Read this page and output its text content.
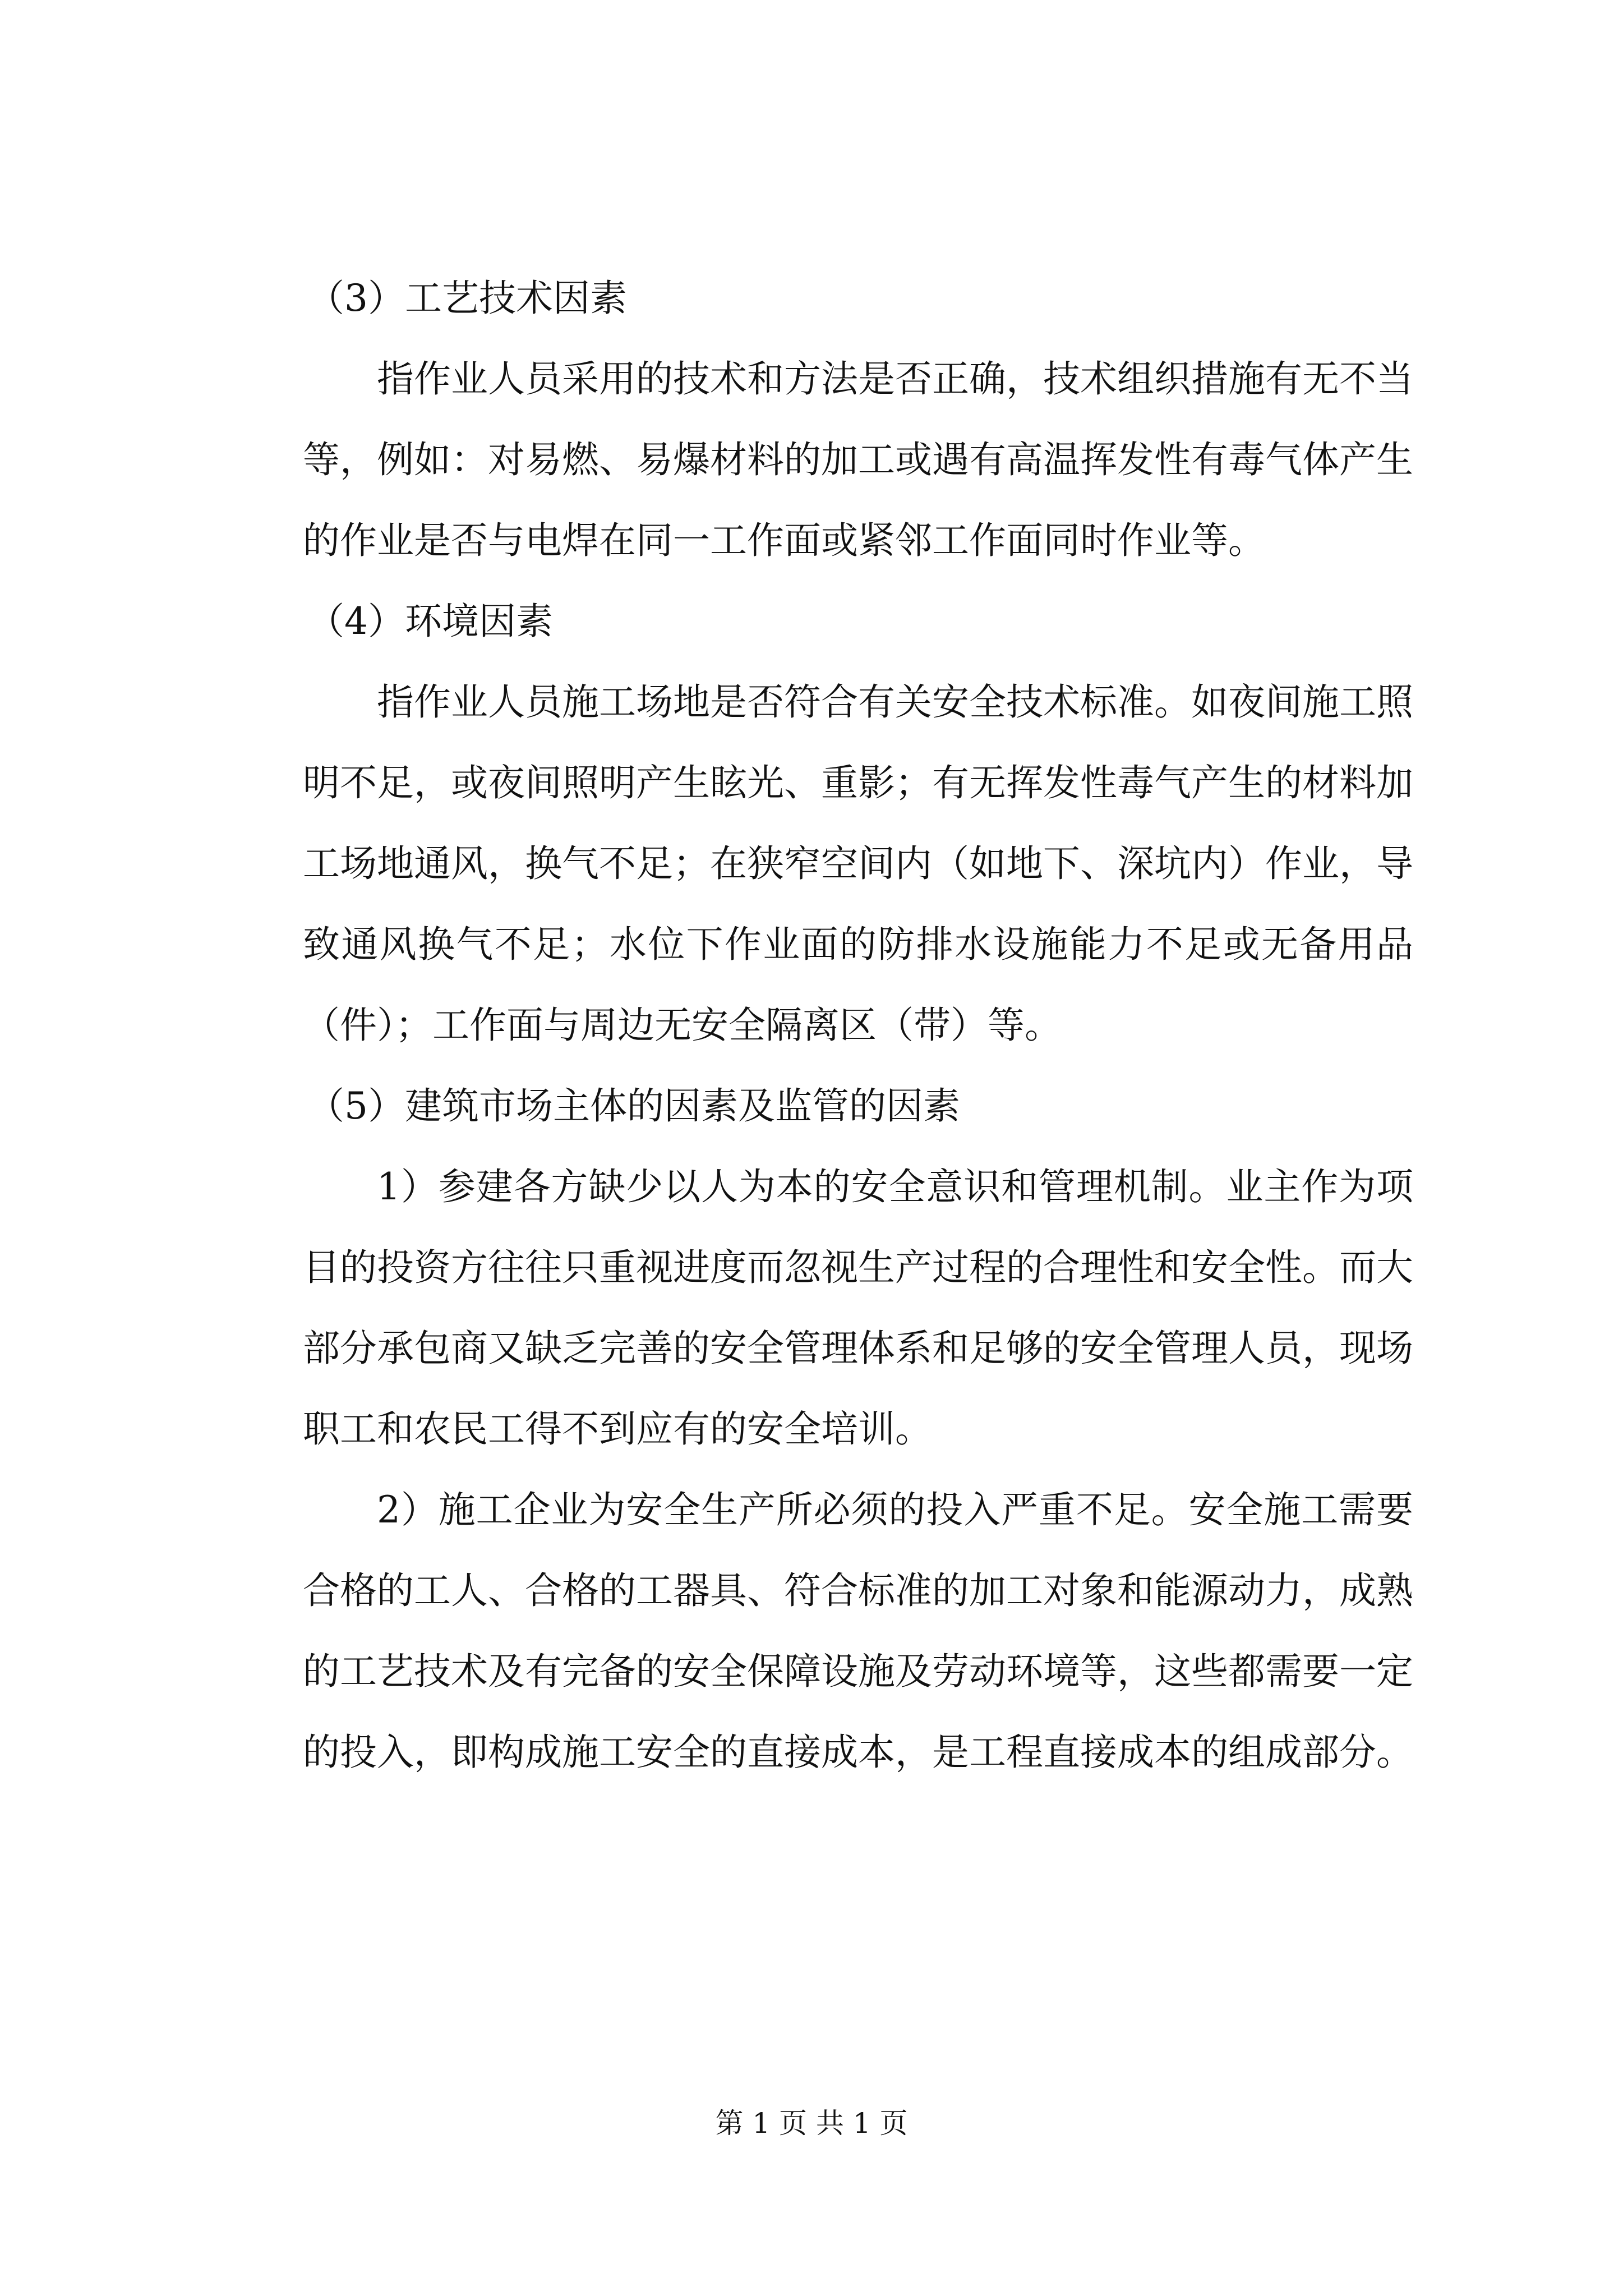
（3）工艺技术因素

指作业人员采用的技术和方法是否正确，技术组织措施有无不当等，例如：对易燃、易爆材料的加工或遇有高温挥发性有毒气体产生的作业是否与电焊在同一工作面或紧邻工作面同时作业等。

（4）环境因素

指作业人员施工场地是否符合有关安全技术标准。如夜间施工照明不足，或夜间照明产生眩光、重影；有无挥发性毒气产生的材料加工场地通风，换气不足；在狭窄空间内（如地下、深坑内）作业，导致通风换气不足；水位下作业面的防排水设施能力不足或无备用品（件）；工作面与周边无安全隔离区（带）等。

（5）建筑市场主体的因素及监管的因素

1）参建各方缺少以人为本的安全意识和管理机制。业主作为项目的投资方往往只重视进度而忽视生产过程的合理性和安全性。而大部分承包商又缺乏完善的安全管理体系和足够的安全管理人员，现场职工和农民工得不到应有的安全培训。

2）施工企业为安全生产所必须的投入严重不足。安全施工需要合格的工人、合格的工器具、符合标准的加工对象和能源动力，成熟的工艺技术及有完备的安全保障设施及劳动环境等，这些都需要一定的投入，即构成施工安全的直接成本，是工程直接成本的组成部分。

第 1 页 共 1 页
